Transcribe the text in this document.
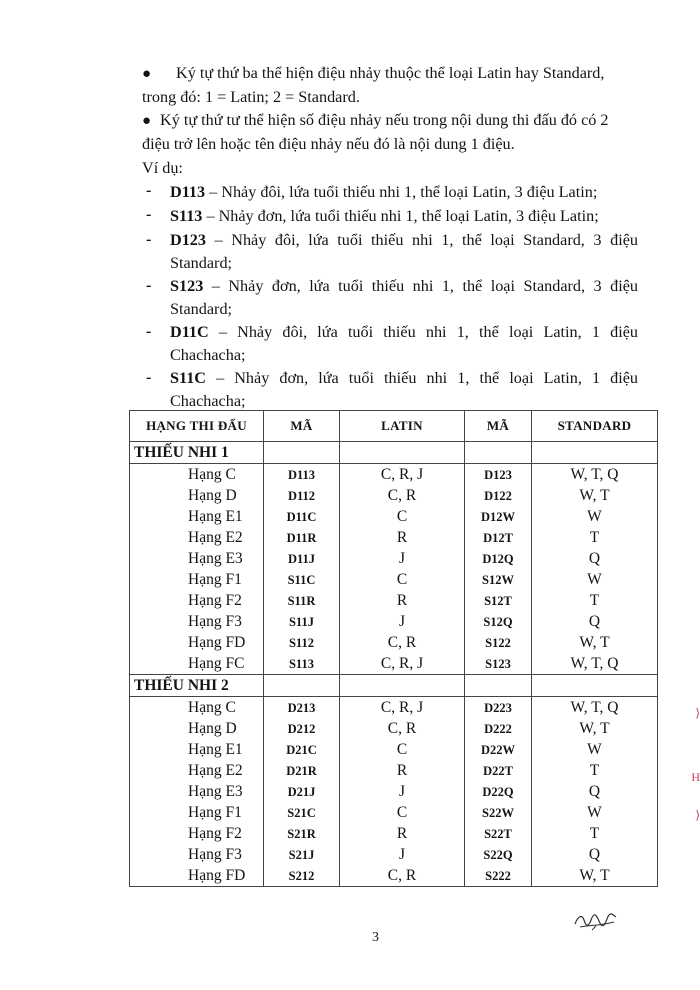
● Ký tự thứ ba thể hiện điệu nhảy thuộc thể loại Latin hay Standard,
trong đó: 1 = Latin; 2 = Standard.
● Ký tự thứ tư thể hiện số điệu nhảy nếu trong nội dung thi đấu đó có 2
điệu trở lên hoặc tên điệu nhảy nếu đó là nội dung 1 điệu.
Ví dụ:
- D113 – Nhảy đôi, lứa tuổi thiếu nhi 1, thể loại Latin, 3 điệu Latin;
- S113 – Nhảy đơn, lứa tuổi thiếu nhi 1, thể loại Latin, 3 điệu Latin;
- D123 – Nhảy đôi, lứa tuổi thiếu nhi 1, thể loại Standard, 3 điệu
Standard;
- S123 – Nhảy đơn, lứa tuổi thiếu nhi 1, thể loại Standard, 3 điệu
Standard;
- D11C – Nhảy đôi, lứa tuổi thiếu nhi 1, thể loại Latin, 1 điệu
Chachacha;
- S11C – Nhảy đơn, lứa tuổi thiếu nhi 1, thể loại Latin, 1 điệu
Chachacha;
HẠNG THI ĐẤU	MÃ	LATIN	MÃ	STANDARD
THIẾU NHI 1				
Hạng C	D113	C, R, J	D123	W, T, Q
Hạng D	D112	C, R	D122	W, T
Hạng E1	D11C	C	D12W	W
Hạng E2	D11R	R	D12T	T
Hạng E3	D11J	J	D12Q	Q
Hạng F1	S11C	C	S12W	W
Hạng F2	S11R	R	S12T	T
Hạng F3	S11J	J	S12Q	Q
Hạng FD	S112	C, R	S122	W, T
Hạng FC	S113	C, R, J	S123	W, T, Q
THIẾU NHI 2				
Hạng C	D213	C, R, J	D223	W, T, Q
Hạng D	D212	C, R	D222	W, T
Hạng E1	D21C	C	D22W	W
Hạng E2	D21R	R	D22T	T
Hạng E3	D21J	J	D22Q	Q
Hạng F1	S21C	C	S22W	W
Hạng F2	S21R	R	S22T	T
Hạng F3	S21J	J	S22Q	Q
Hạng FD	S212	C, R	S222	W, T
⟩
H
⟩
3
